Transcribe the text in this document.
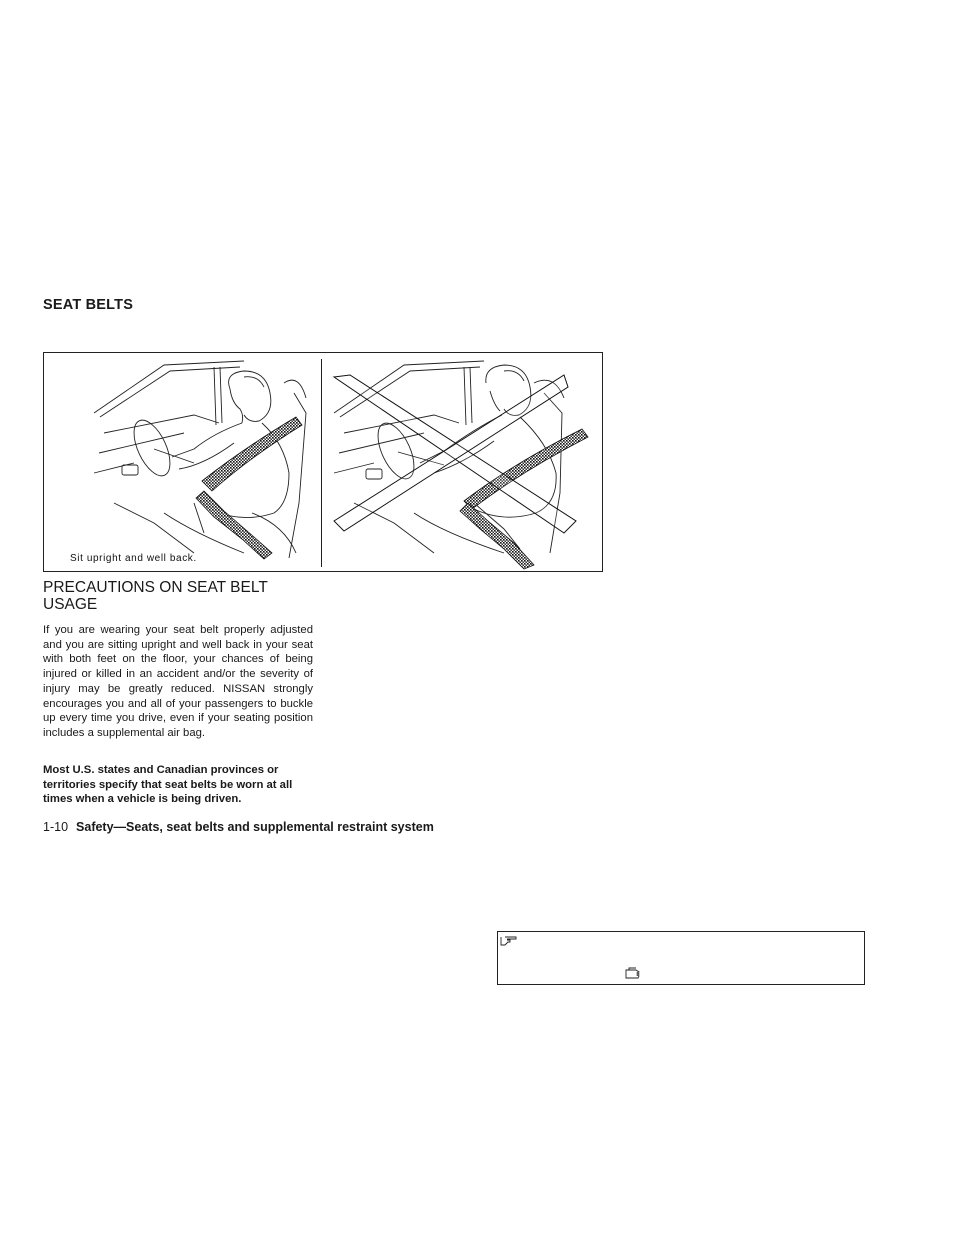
SEAT BELTS
Sit upright and well back.
PRECAUTIONS ON SEAT BELT USAGE

If you are wearing your seat belt properly adjusted and you are sitting upright and well back in your seat with both feet on the floor, your chances of being injured or killed in an accident and/or the severity of injury may be greatly reduced. NISSAN strongly encourages you and all of your passengers to buckle up every time you drive, even if your seating position includes a supplemental air bag.

Most U.S. states and Canadian provinces or territories specify that seat belts be worn at all times when a vehicle is being driven.

1-10 Safety—Seats, seat belts and supplemental restraint system
